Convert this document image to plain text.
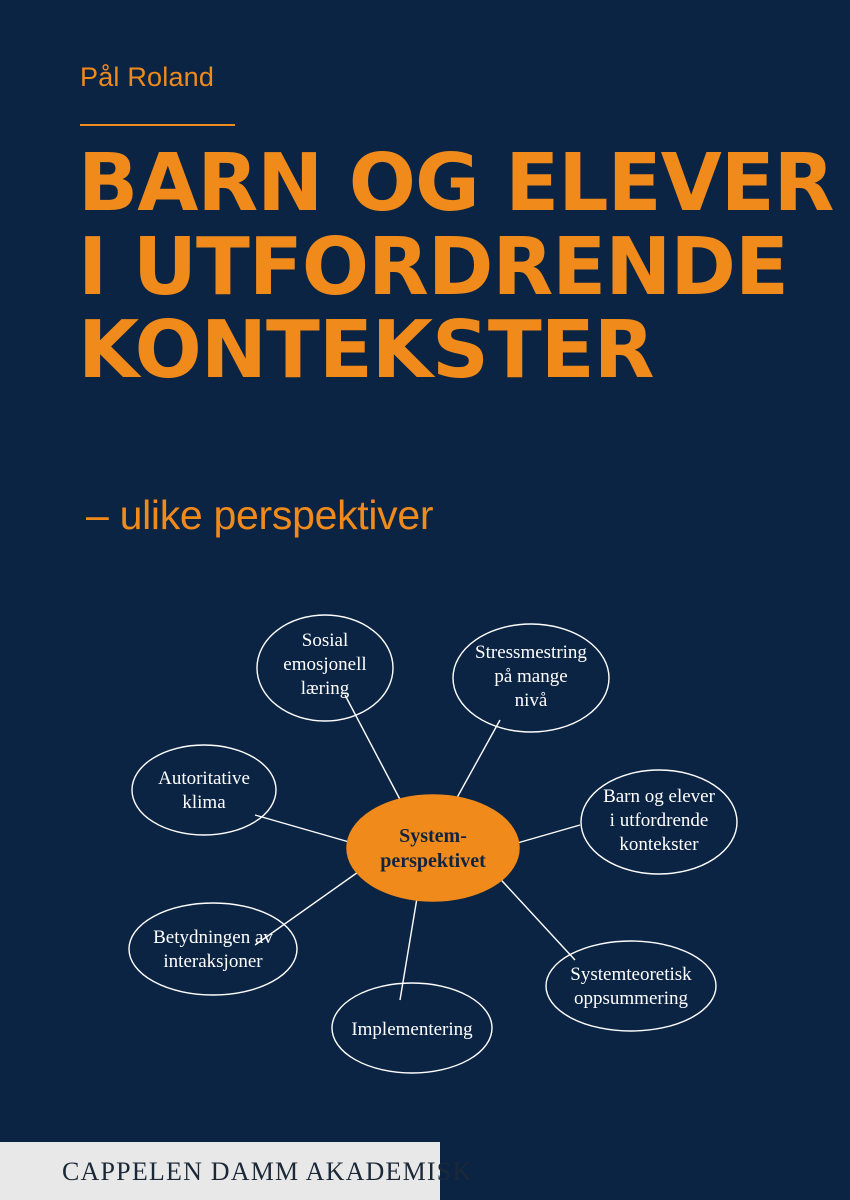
Pål Roland
BARN OG ELEVER
I UTFORDRENDE
KONTEKSTER
– ulike perspektiver
System-
perspektivet
Sosial
emosjonell
læring
Stressmestring
på mange
nivå
Autoritative
klima	Barn og elever
i utfordrende
kontekster
Betydningen av
interaksjoner
Systemteoretisk
oppsummering
Implementering
CAPPELEN DAMM AKADEMISK
